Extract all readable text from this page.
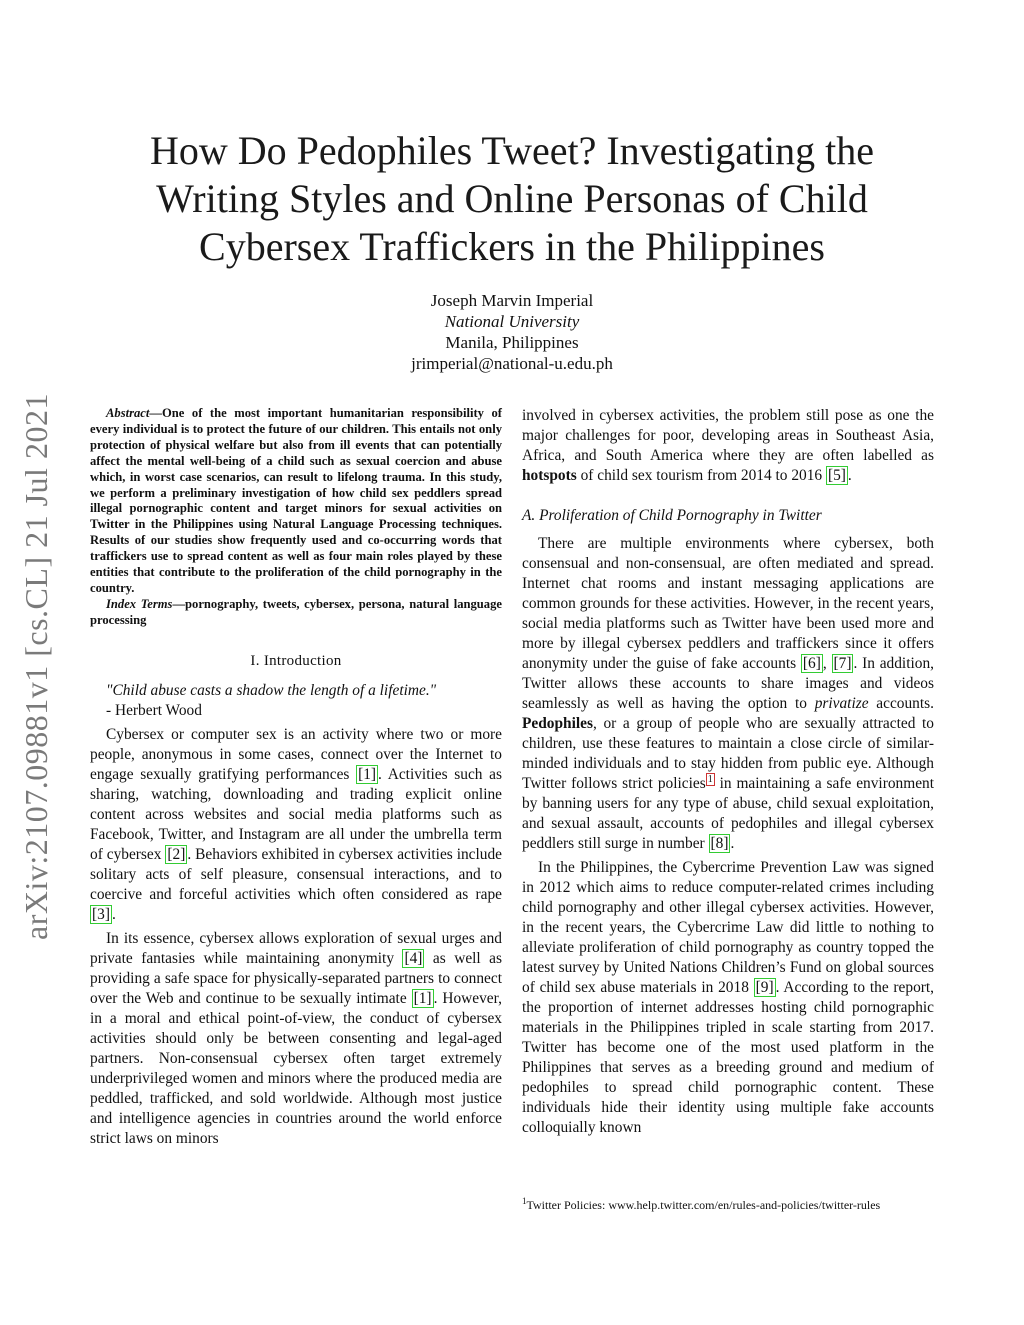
arXiv:2107.09881v1 [cs.CL] 21 Jul 2021
How Do Pedophiles Tweet? Investigating the Writing Styles and Online Personas of Child Cybersex Traffickers in the Philippines
Joseph Marvin Imperial
National University
Manila, Philippines
jrimperial@national-u.edu.ph

Abstract—One of the most important humanitarian responsibility of every individual is to protect the future of our children. This entails not only protection of physical welfare but also from ill events that can potentially affect the mental well-being of a child such as sexual coercion and abuse which, in worst case scenarios, can result to lifelong trauma. In this study, we perform a preliminary investigation of how child sex peddlers spread illegal pornographic content and target minors for sexual activities on Twitter in the Philippines using Natural Language Processing techniques. Results of our studies show frequently used and co-occurring words that traffickers use to spread content as well as four main roles played by these entities that contribute to the proliferation of the child pornography in the country.

Index Terms—pornography, tweets, cybersex, persona, natural language processing

I. Introduction

"Child abuse casts a shadow the length of a lifetime."

- Herbert Wood

Cybersex or computer sex is an activity where two or more people, anonymous in some cases, connect over the Internet to engage sexually gratifying performances [1] . Activities such as sharing, watching, downloading and trading explicit online content across websites and social media platforms such as Facebook, Twitter, and Instagram are all under the umbrella term of cybersex [2] . Behaviors exhibited in cybersex activities include solitary acts of self pleasure, consensual interactions, and to coercive and forceful activities which often considered as rape [3] .

In its essence, cybersex allows exploration of sexual urges and private fantasies while maintaining anonymity [4] as well as providing a safe space for physically-separated partners to connect over the Web and continue to be sexually intimate [1] . However, in a moral and ethical point-of-view, the conduct of cybersex activities should only be between consenting and legal-aged partners. Non-consensual cybersex often target extremely underprivileged women and minors where the produced media are peddled, trafficked, and sold worldwide. Although most justice and intelligence agencies in countries around the world enforce strict laws on minors

involved in cybersex activities, the problem still pose as one the major challenges for poor, developing areas in Southeast Asia, Africa, and South America where they are often labelled as hotspots of child sex tourism from 2014 to 2016 [5] .

A. Proliferation of Child Pornography in Twitter

There are multiple environments where cybersex, both consensual and non-consensual, are often mediated and spread. Internet chat rooms and instant messaging applications are common grounds for these activities. However, in the recent years, social media platforms such as Twitter have been used more and more by illegal cybersex peddlers and traffickers since it offers anonymity under the guise of fake accounts [6] , [7] . In addition, Twitter allows these accounts to share images and videos seamlessly as well as having the option to privatize accounts. Pedophiles, or a group of people who are sexually attracted to children, use these features to maintain a close circle of similar-minded individuals and to stay hidden from public eye. Although Twitter follows strict policies $^1$ in maintaining a safe environment by banning users for any type of abuse, child sexual exploitation, and sexual assault, accounts of pedophiles and illegal cybersex peddlers still surge in number [8] .

In the Philippines, the Cybercrime Prevention Law was signed in 2012 which aims to reduce computer-related crimes including child pornography and other illegal cybersex activities. However, in the recent years, the Cybercrime Law did little to nothing to alleviate proliferation of child pornography as country topped the latest survey by United Nations Children’s Fund on global sources of child sex abuse materials in 2018 [9] . According to the report, the proportion of internet addresses hosting child pornographic materials in the Philippines tripled in scale starting from 2017. Twitter has become one of the most used platform in the Philippines that serves as a breeding ground and medium of pedophiles to spread child pornographic content. These individuals hide their identity using multiple fake accounts colloquially known

$^1$Twitter Policies: www.help.twitter.com/en/rules-and-policies/twitter-rules
